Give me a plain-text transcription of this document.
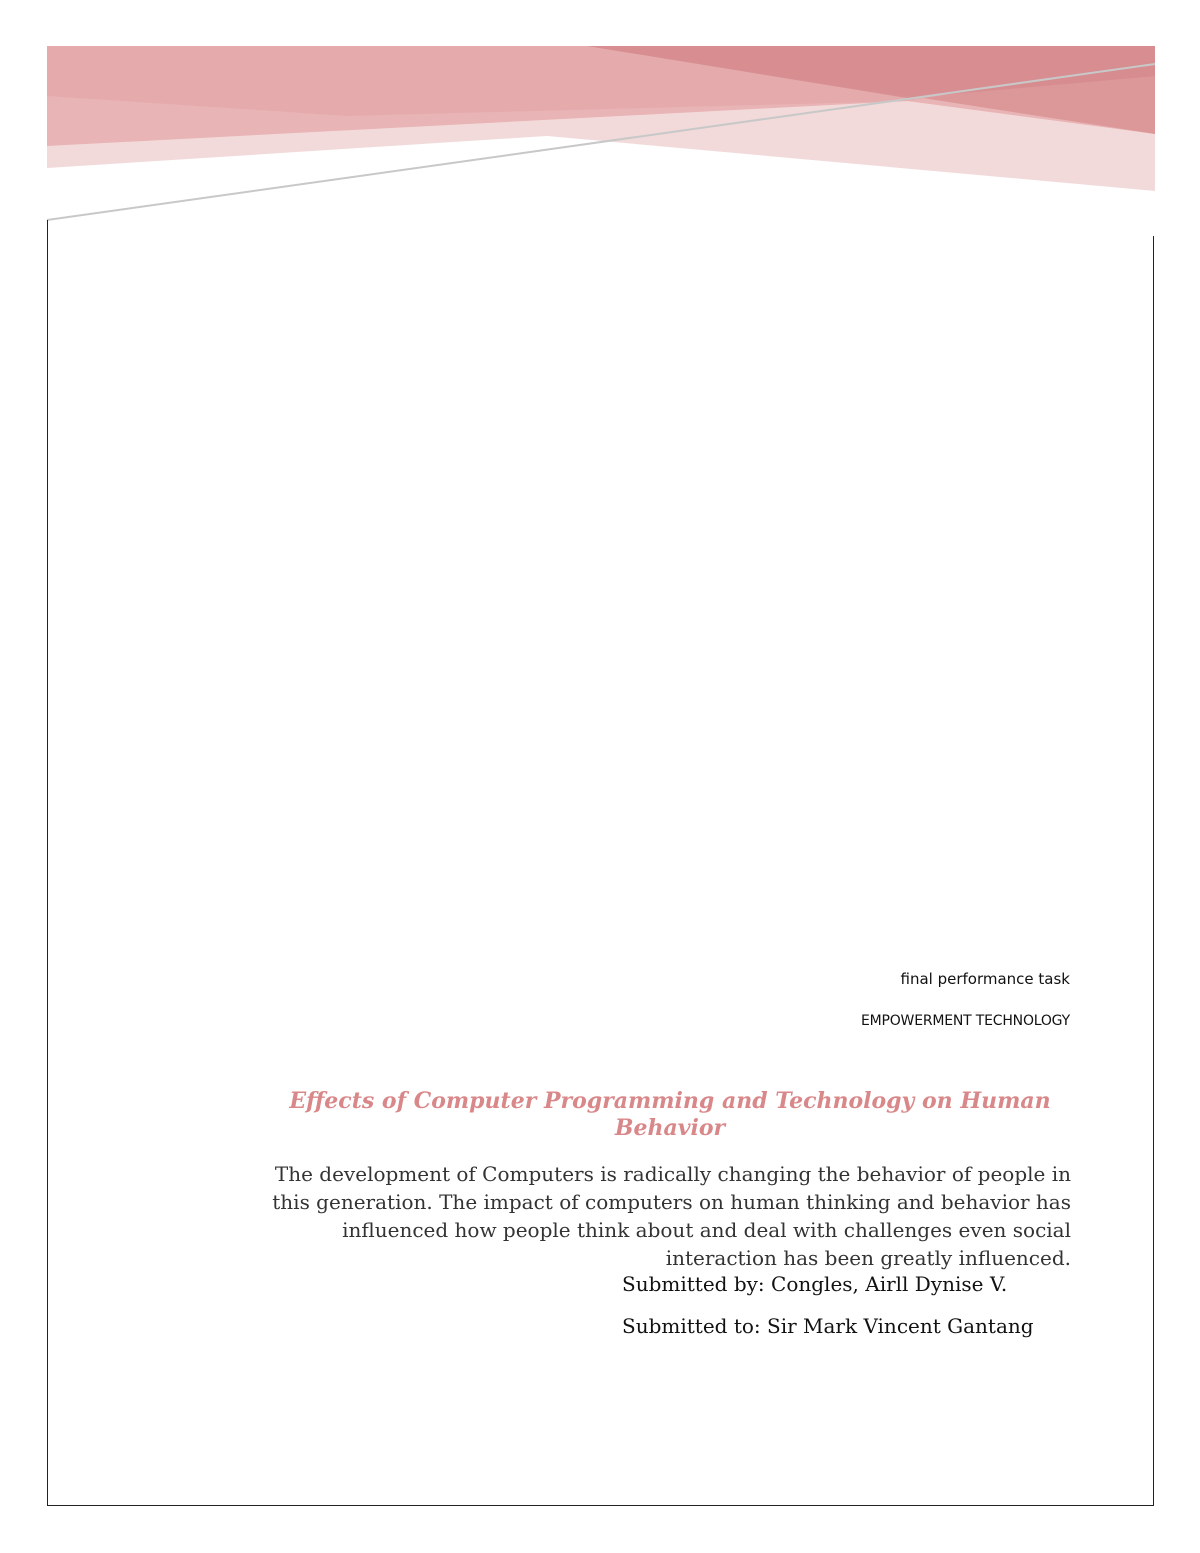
final performance task
EMPOWERMENT TECHNOLOGY
Effects of Computer Programming and Technology on Human Behavior
The development of Computers is radically changing the behavior of people in this generation. The impact of computers on human thinking and behavior has influenced how people think about and deal with challenges even social interaction has been greatly influenced.

Submitted by: Congles, Airll Dynise V.

Submitted to: Sir Mark Vincent Gantang
